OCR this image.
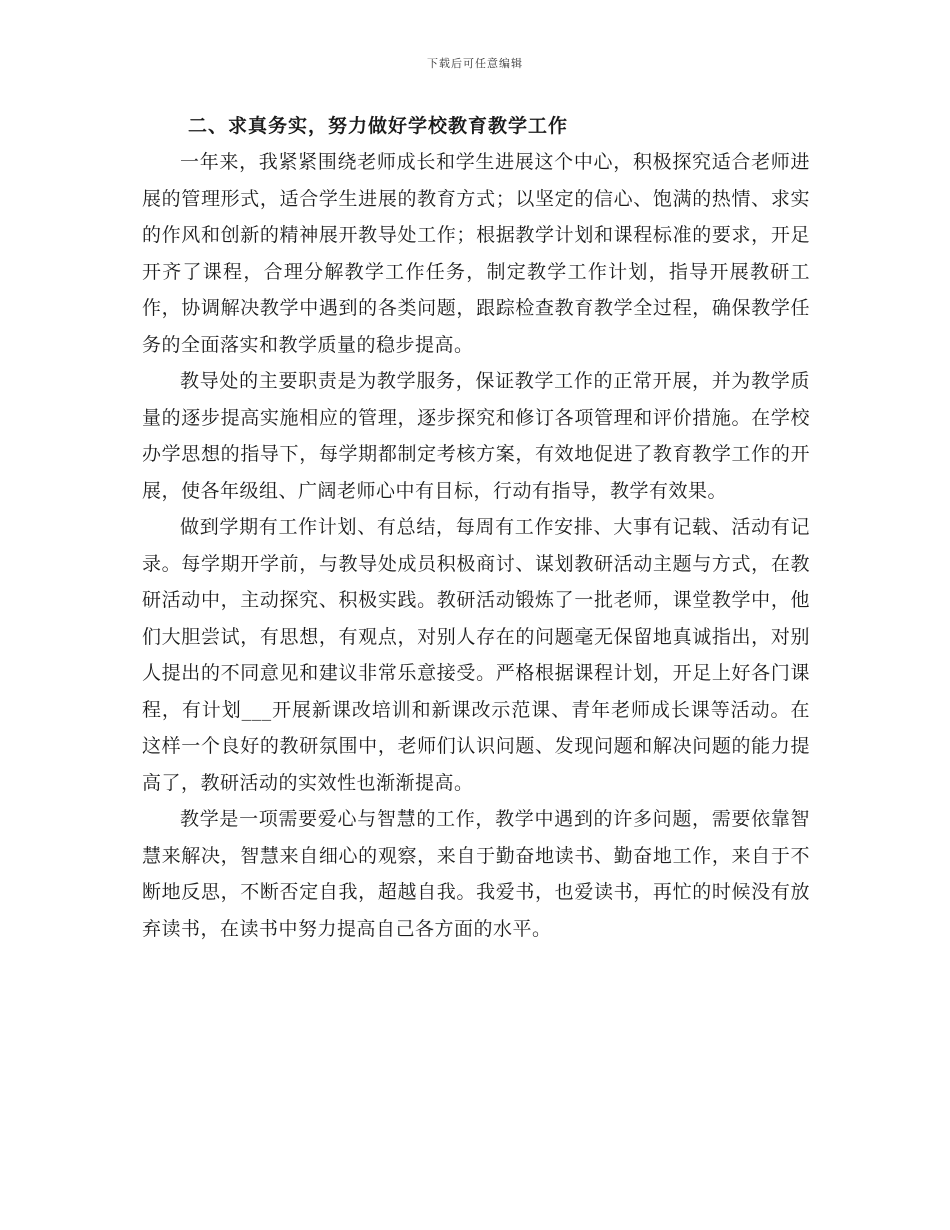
下载后可任意编辑
二、求真务实，努力做好学校教育教学工作

一年来，我紧紧围绕老师成长和学生进展这个中心，积极探究适合老师进展的管理形式，适合学生进展的教育方式；以坚定的信心、饱满的热情、求实的作风和创新的精神展开教导处工作；根据教学计划和课程标准的要求，开足开齐了课程，合理分解教学工作任务，制定教学工作计划，指导开展教研工作，协调解决教学中遇到的各类问题，跟踪检查教育教学全过程，确保教学任务的全面落实和教学质量的稳步提高。

教导处的主要职责是为教学服务，保证教学工作的正常开展，并为教学质量的逐步提高实施相应的管理，逐步探究和修订各项管理和评价措施。在学校办学思想的指导下，每学期都制定考核方案，有效地促进了教育教学工作的开展，使各年级组、广阔老师心中有目标，行动有指导，教学有效果。

做到学期有工作计划、有总结，每周有工作安排、大事有记载、活动有记录。每学期开学前，与教导处成员积极商讨、谋划教研活动主题与方式，在教研活动中，主动探究、积极实践。教研活动锻炼了一批老师，课堂教学中，他们大胆尝试，有思想，有观点，对别人存在的问题毫无保留地真诚指出，对别人提出的不同意见和建议非常乐意接受。严格根据课程计划，开足上好各门课程，有计划___开展新课改培训和新课改示范课、青年老师成长课等活动。在这样一个良好的教研氛围中，老师们认识问题、发现问题和解决问题的能力提高了，教研活动的实效性也渐渐提高。

教学是一项需要爱心与智慧的工作，教学中遇到的许多问题，需要依靠智慧来解决，智慧来自细心的观察，来自于勤奋地读书、勤奋地工作，来自于不断地反思，不断否定自我，超越自我。我爱书，也爱读书，再忙的时候没有放弃读书，在读书中努力提高自己各方面的水平。
